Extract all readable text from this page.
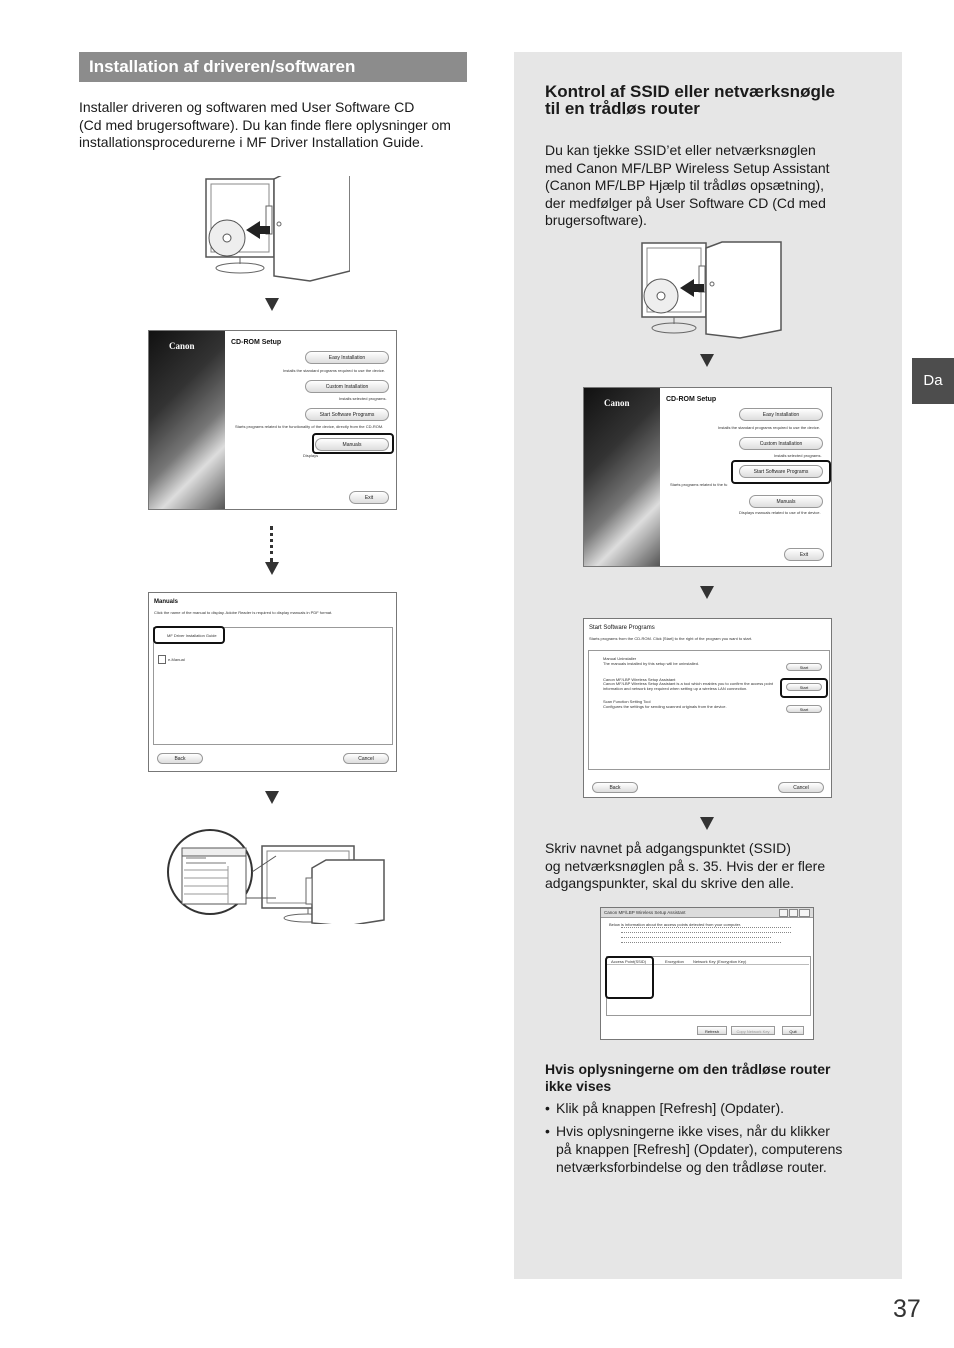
Installation af driveren/softwaren
Installer driveren og softwaren med User Software CD
(Cd med brugersoftware). Du kan finde flere oplysninger om
installationsprocedurerne i MF Driver Installation Guide.
Canon	CD-ROM Setup
Easy Installation
Installs the standard programs required to use the device.
Custom Installation
Installs selected programs.
Start Software Programs
Starts programs related to the functionality of the device, directly from the CD-ROM.
Manuals
Displays
Exit
Manuals
Click the name of the manual to display. Adobe Reader is required to display manuals in PDF format.
MF Driver Installation Guide
e-Manual
Back	Cancel
Kontrol af SSID eller netværksnøgle
til en trådløs router
Du kan tjekke SSID’et eller netværksnøglen
med Canon MF/LBP Wireless Setup Assistant
(Canon MF/LBP Hjælp til trådløs opsætning),
der medfølger på User Software CD (Cd med
brugersoftware).
Canon	CD-ROM Setup
Easy Installation
Installs the standard programs required to use the device.
Custom Installation
Installs selected programs.
Start Software Programs
Starts programs related to the fu
Manuals
Displays manuals related to use of the device.
Exit
Start Software Programs
Starts programs from the CD-ROM. Click [Start] to the right of the program you want to start.
Manual Uninstaller
The manuals installed by this setup will be uninstalled.
Start
Canon MF/LBP Wireless Setup Assistant
Canon MF/LBP Wireless Setup Assistant is a tool which enables you to confirm the access point information and network key required when setting up a wireless LAN connection.	Start
Scan Function Setting Tool
Configures the settings for sending scanned originals from the device.
Start
Back	Cancel
Skriv navnet på adgangspunktet (SSID)
og netværksnøglen på s. 35. Hvis der er flere
adgangspunkter, skal du skrive den alle.
Canon MF/LBP Wireless Setup Assistant
Below is information about the access points detected from your computer.
Access Point(SSID)	Encryption Network Key (Encryption Key)
Refresh	Copy Network Key	Quit
Hvis oplysningerne om den trådløse router
ikke vises
• Klik på knappen [Refresh] (Opdater).
• Hvis oplysningerne ikke vises, når du klikker
på knappen [Refresh] (Opdater), computerens
netværksforbindelse og den trådløse router.
Da
37
